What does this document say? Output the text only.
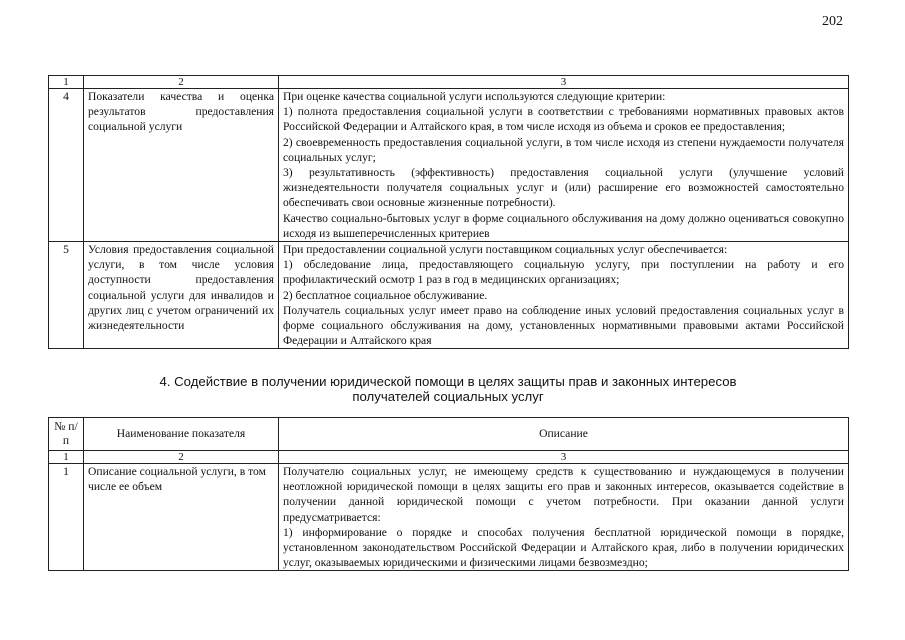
202
1	2	3
4	Показатели качества и оценка результатов предоставления социальной услуги	При оценке качества социальной услуги используются следующие критерии:
1) полнота предоставления социальной услуги в соответствии с требованиями нормативных правовых актов Российской Федерации и Алтайского края, в том числе исходя из объема и сроков ее предоставления;
2) своевременность предоставления социальной услуги, в том числе исходя из степени нуждаемости получателя социальных услуг;
3) результативность (эффективность) предоставления социальной услуги (улучшение условий жизнедеятельности получателя социальных услуг и (или) расширение его возможностей самостоятельно обеспечивать свои основные жизненные потребности).
Качество социально-бытовых услуг в форме социального обслуживания на дому должно оцениваться совокупно исходя из вышеперечисленных критериев

5	Условия предоставления социальной услуги, в том числе условия доступности предоставления социальной услуги для инвалидов и других лиц с учетом ограничений их жизнедеятельности	При предоставлении социальной услуги поставщиком социальных услуг обеспечивается:
1) обследование лица, предоставляющего социальную услугу, при поступлении на работу и его профилактический осмотр 1 раз в год в медицинских организациях;
2) бесплатное социальное обслуживание.
Получатель социальных услуг имеет право на соблюдение иных условий предоставления социальных услуг в форме социального обслуживания на дому, установленных нормативными правовыми актами Российской Федерации и Алтайского края
4. Содействие в получении юридической помощи в целях защиты прав и законных интересов
получателей социальных услуг
№ п/п	Наименование показателя	Описание
1	2	3
1	Описание социальной услуги, в том числе ее объем	Получателю социальных услуг, не имеющему средств к существованию и нуждающемуся в получении неотложной юридической помощи в целях защиты его прав и законных интересов, оказывается содействие в получении данной юридической помощи с учетом потребности. При оказании данной услуги предусматривается:
1) информирование о порядке и способах получения бесплатной юридической помощи в порядке, установленном законодательством Российской Федерации и Алтайского края, либо в получении юридических услуг, оказываемых юридическими и физическими лицами безвозмездно;
